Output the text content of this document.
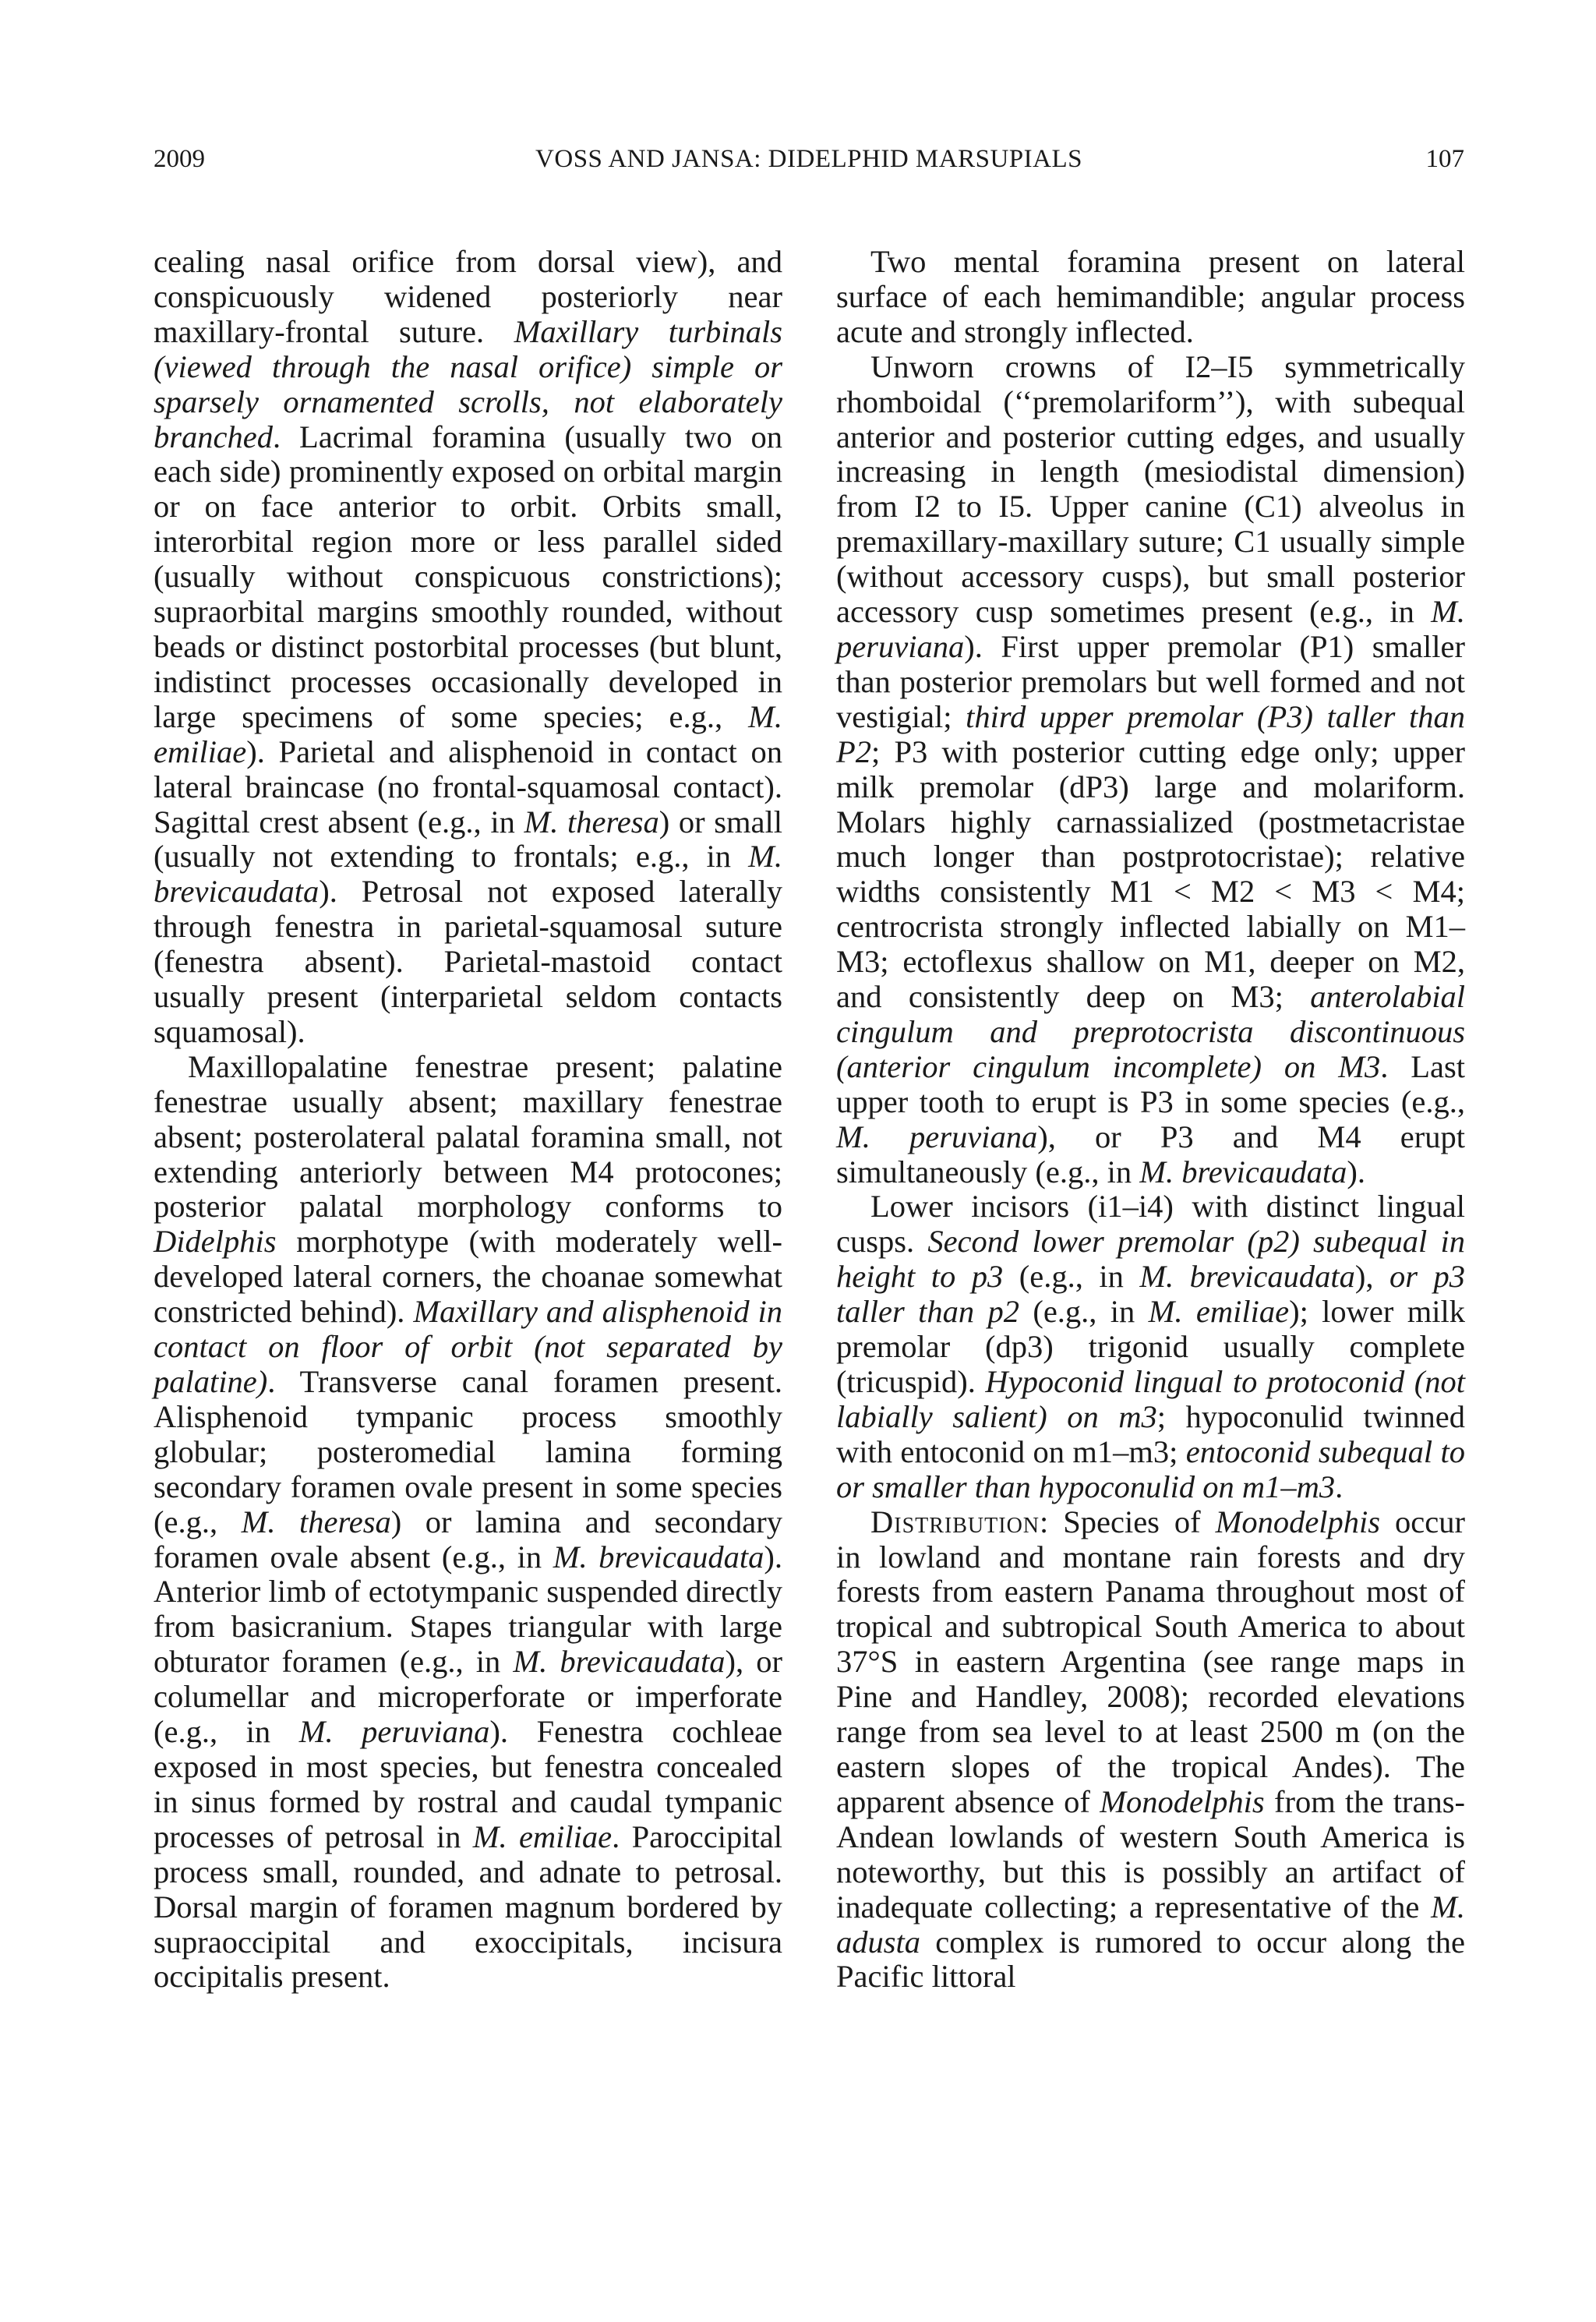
2009	VOSS AND JANSA: DIDELPHID MARSUPIALS	107

cealing nasal orifice from dorsal view), and conspicuously widened posteriorly near maxillary-frontal suture. Maxillary turbinals (viewed through the nasal orifice) simple or sparsely ornamented scrolls, not elaborately branched. Lacrimal foramina (usually two on each side) prominently exposed on orbital margin or on face anterior to orbit. Orbits small, interorbital region more or less parallel sided (usually without conspicuous constrictions); supraorbital margins smoothly rounded, without beads or distinct postorbital processes (but blunt, indistinct processes occasionally developed in large specimens of some species; e.g., M. emiliae). Parietal and alisphenoid in contact on lateral braincase (no frontal-squamosal contact). Sagittal crest absent (e.g., in M. theresa) or small (usually not extending to frontals; e.g., in M. brevicaudata). Petrosal not exposed laterally through fenestra in parietal-squamosal suture (fenestra absent). Parietal-mastoid contact usually present (interparietal seldom contacts squamosal).

Maxillopalatine fenestrae present; palatine fenestrae usually absent; maxillary fenestrae absent; posterolateral palatal foramina small, not extending anteriorly between M4 protocones; posterior palatal morphology conforms to Didelphis morphotype (with moderately well-developed lateral corners, the choanae somewhat constricted behind). Maxillary and alisphenoid in contact on floor of orbit (not separated by palatine). Transverse canal foramen present. Alisphenoid tympanic process smoothly globular; posteromedial lamina forming secondary foramen ovale present in some species (e.g., M. theresa) or lamina and secondary foramen ovale absent (e.g., in M. brevicaudata). Anterior limb of ectotympanic suspended directly from basicranium. Stapes triangular with large obturator foramen (e.g., in M. brevicaudata), or columellar and microperforate or imperforate (e.g., in M. peruviana). Fenestra cochleae exposed in most species, but fenestra concealed in sinus formed by rostral and caudal tympanic processes of petrosal in M. emiliae. Paroccipital process small, rounded, and adnate to petrosal. Dorsal margin of foramen magnum bordered by supraoccipital and exoccipitals, incisura occipitalis present.

Two mental foramina present on lateral surface of each hemimandible; angular process acute and strongly inflected.

Unworn crowns of I2–I5 symmetrically rhomboidal (‘‘premolariform’’), with subequal anterior and posterior cutting edges, and usually increasing in length (mesiodistal dimension) from I2 to I5. Upper canine (C1) alveolus in premaxillary-maxillary suture; C1 usually simple (without accessory cusps), but small posterior accessory cusp sometimes present (e.g., in M. peruviana). First upper premolar (P1) smaller than posterior premolars but well formed and not vestigial; third upper premolar (P3) taller than P2; P3 with posterior cutting edge only; upper milk premolar (dP3) large and molariform. Molars highly carnassialized (postmetacristae much longer than postprotocristae); relative widths consistently M1 < M2 < M3 < M4; centrocrista strongly inflected labially on M1–M3; ectoflexus shallow on M1, deeper on M2, and consistently deep on M3; anterolabial cingulum and preprotocrista discontinuous (anterior cingulum incomplete) on M3. Last upper tooth to erupt is P3 in some species (e.g., M. peruviana), or P3 and M4 erupt simultaneously (e.g., in M. brevicaudata).

Lower incisors (i1–i4) with distinct lingual cusps. Second lower premolar (p2) subequal in height to p3 (e.g., in M. brevicaudata), or p3 taller than p2 (e.g., in M. emiliae); lower milk premolar (dp3) trigonid usually complete (tricuspid). Hypoconid lingual to protoconid (not labially salient) on m3; hypoconulid twinned with entoconid on m1–m3; entoconid subequal to or smaller than hypoconulid on m1–m3.

Distribution: Species of Monodelphis occur in lowland and montane rain forests and dry forests from eastern Panama throughout most of tropical and subtropical South America to about 37°S in eastern Argentina (see range maps in Pine and Handley, 2008); recorded elevations range from sea level to at least 2500 m (on the eastern slopes of the tropical Andes). The apparent absence of Monodelphis from the trans-Andean lowlands of western South America is noteworthy, but this is possibly an artifact of inadequate collecting; a representative of the M. adusta complex is rumored to occur along the Pacific littoral
